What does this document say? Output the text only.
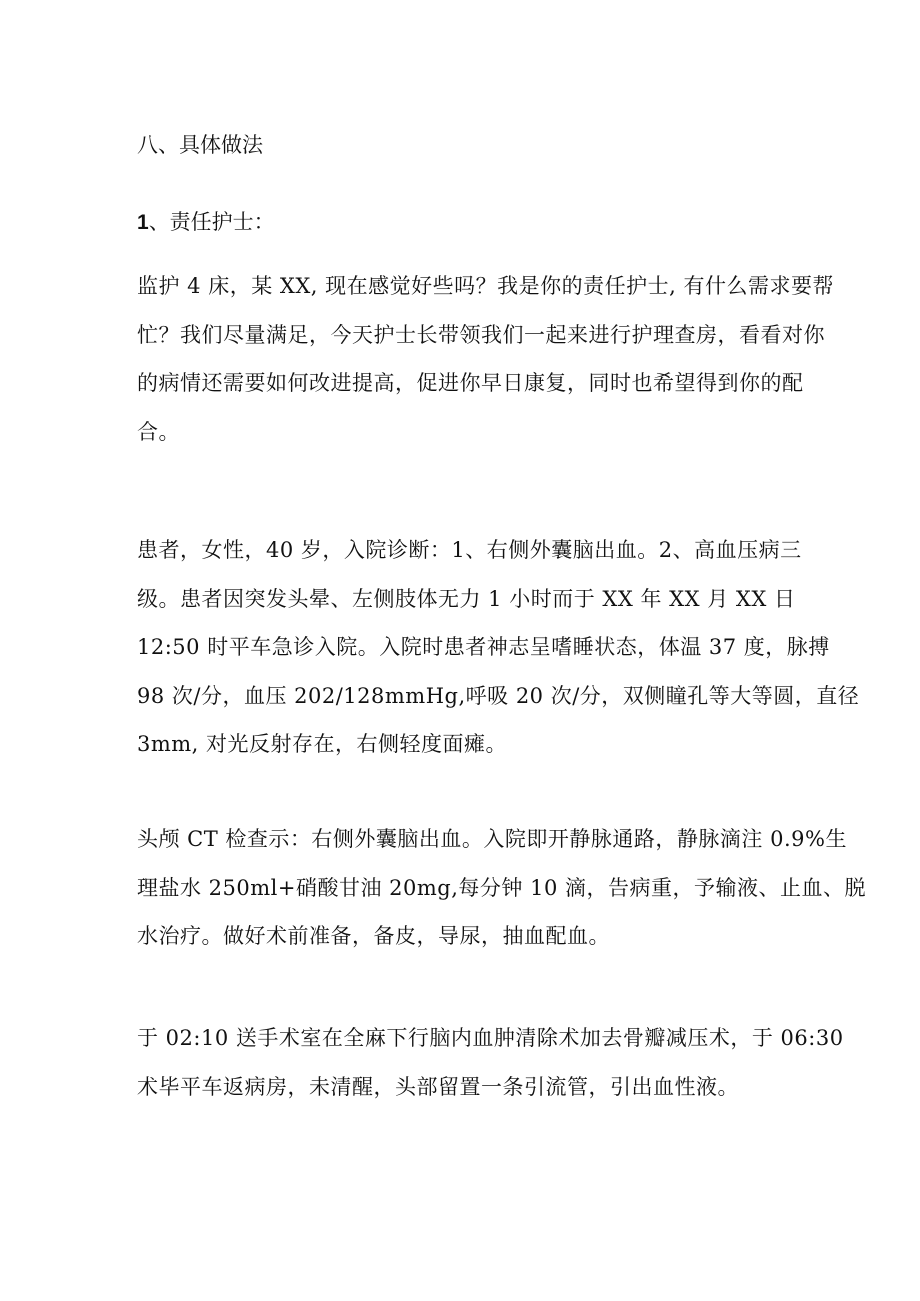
八、具体做法
1、责任护士：
监护 4 床，某 XX, 现在感觉好些吗？我是你的责任护士, 有什么需求要帮
忙？我们尽量满足，今天护士长带领我们一起来进行护理查房，看看对你
的病情还需要如何改进提高，促进你早日康复，同时也希望得到你的配
合。
患者，女性，40 岁，入院诊断：1、右侧外囊脑出血。2、高血压病三
级。患者因突发头晕、左侧肢体无力 1 小时而于 XX 年 XX 月 XX 日
12:50 时平车急诊入院。入院时患者神志呈嗜睡状态，体温 37 度，脉搏
98 次/分，血压 202/128mmHg,呼吸 20 次/分，双侧瞳孔等大等圆，直径
3mm, 对光反射存在，右侧轻度面瘫。
头颅 CT 检查示：右侧外囊脑出血。入院即开静脉通路，静脉滴注 0.9%生
理盐水 250ml+硝酸甘油 20mg,每分钟 10 滴，告病重，予输液、止血、脱
水治疗。做好术前准备，备皮，导尿，抽血配血。
于 02:10 送手术室在全麻下行脑内血肿清除术加去骨瓣减压术，于 06:30
术毕平车返病房，未清醒，头部留置一条引流管，引出血性液。
